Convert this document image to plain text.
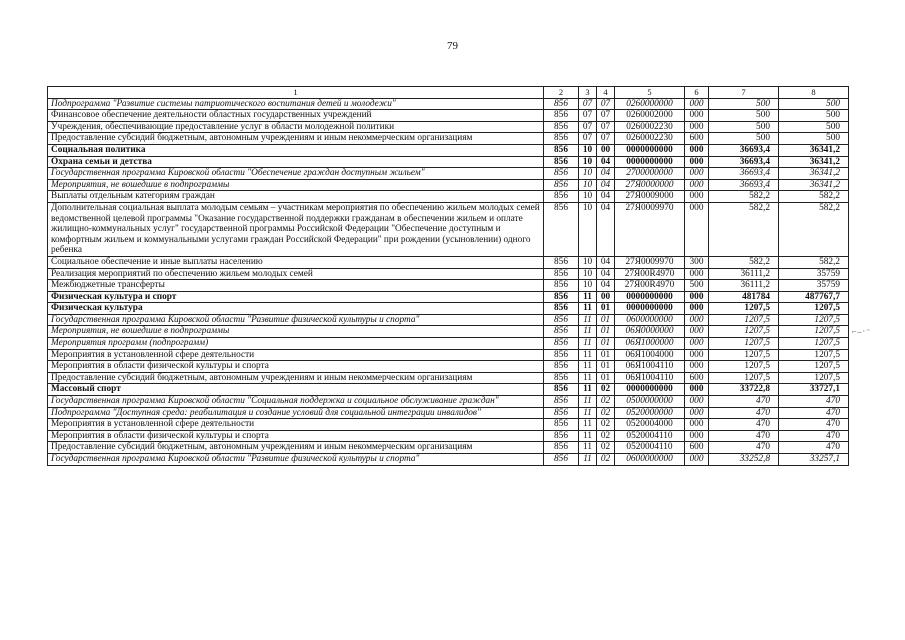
79
1	2	3	4	5	6	7	8
Подпрограмма "Развитие системы патриотического воспитания детей и молодежи"	856	07	07	0260000000	000	500	500
Финансовое обеспечение деятельности областных государственных учреждений	856	07	07	0260002000	000	500	500
Учреждения, обеспечивающие предоставление услуг в области молодежной политики	856	07	07	0260002230	000	500	500
Предоставление субсидий бюджетным, автономным учреждениям и иным некоммерческим организациям	856	07	07	0260002230	600	500	500
Социальная политика	856	10	00	0000000000	000	36693,4	36341,2
Охрана семьи и детства	856	10	04	0000000000	000	36693,4	36341,2
Государственная программа Кировской области "Обеспечение граждан доступным жильем"	856	10	04	2700000000	000	36693,4	36341,2
Мероприятия, не вошедшие в подпрограммы	856	10	04	27Я0000000	000	36693,4	36341,2
Выплаты отдельным категориям граждан	856	10	04	27Я0009000	000	582,2	582,2
Дополнительная социальная выплата молодым семьям – участникам мероприятия по обеспечению жильем молодых семей ведомственной целевой программы "Оказание государственной поддержки гражданам в обеспечении жильем и оплате жилищно-коммунальных услуг" государственной программы Российской Федерации "Обеспечение доступным и комфортным жильем и коммунальными услугами граждан Российской Федерации" при рождении (усыновлении) одного ребенка	856	10	04	27Я0009970	000	582,2	582,2
Социальное обеспечение и иные выплаты населению	856	10	04	27Я0009970	300	582,2	582,2
Реализация мероприятий по обеспечению жильем молодых семей	856	10	04	27Я00R4970	000	36111,2	35759
Межбюджетные трансферты	856	10	04	27Я00R4970	500	36111,2	35759
Физическая культура и спорт	856	11	00	0000000000	000	481784	487767,7
Физическая культура	856	11	01	0000000000	000	1207,5	1207,5
Государственная программа Кировской области "Развитие физической культуры и спорта"	856	11	01	0600000000	000	1207,5	1207,5
Мероприятия, не вошедшие в подпрограммы	856	11	01	06Я0000000	000	1207,5	1207,5
Мероприятия программ (подпрограмм)	856	11	01	06Я1000000	000	1207,5	1207,5
Мероприятия в установленной сфере деятельности	856	11	01	06Я1004000	000	1207,5	1207,5
Мероприятия в области физической культуры и спорта	856	11	01	06Я1004110	000	1207,5	1207,5
Предоставление субсидий бюджетным, автономным учреждениям и иным некоммерческим организациям	856	11	01	06Я1004110	600	1207,5	1207,5
Массовый спорт	856	11	02	0000000000	000	33722,8	33727,1
Государственная программа Кировской области "Социальная поддержка и социальное обслуживание граждан"	856	11	02	0500000000	000	470	470
Подпрограмма "Доступная среда: реабилитация и создание условий для социальной интеграции инвалидов"	856	11	02	0520000000	000	470	470
Мероприятия в установленной сфере деятельности	856	11	02	0520004000	000	470	470
Мероприятия в области физической культуры и спорта	856	11	02	0520004110	000	470	470
Предоставление субсидий бюджетным, автономным учреждениям и иным некоммерческим организациям	856	11	02	0520004110	600	470	470
Государственная программа Кировской области "Развитие физической культуры и спорта"	856	11	02	0600000000	000	33252,8	33257,1
⌐–·⁻
